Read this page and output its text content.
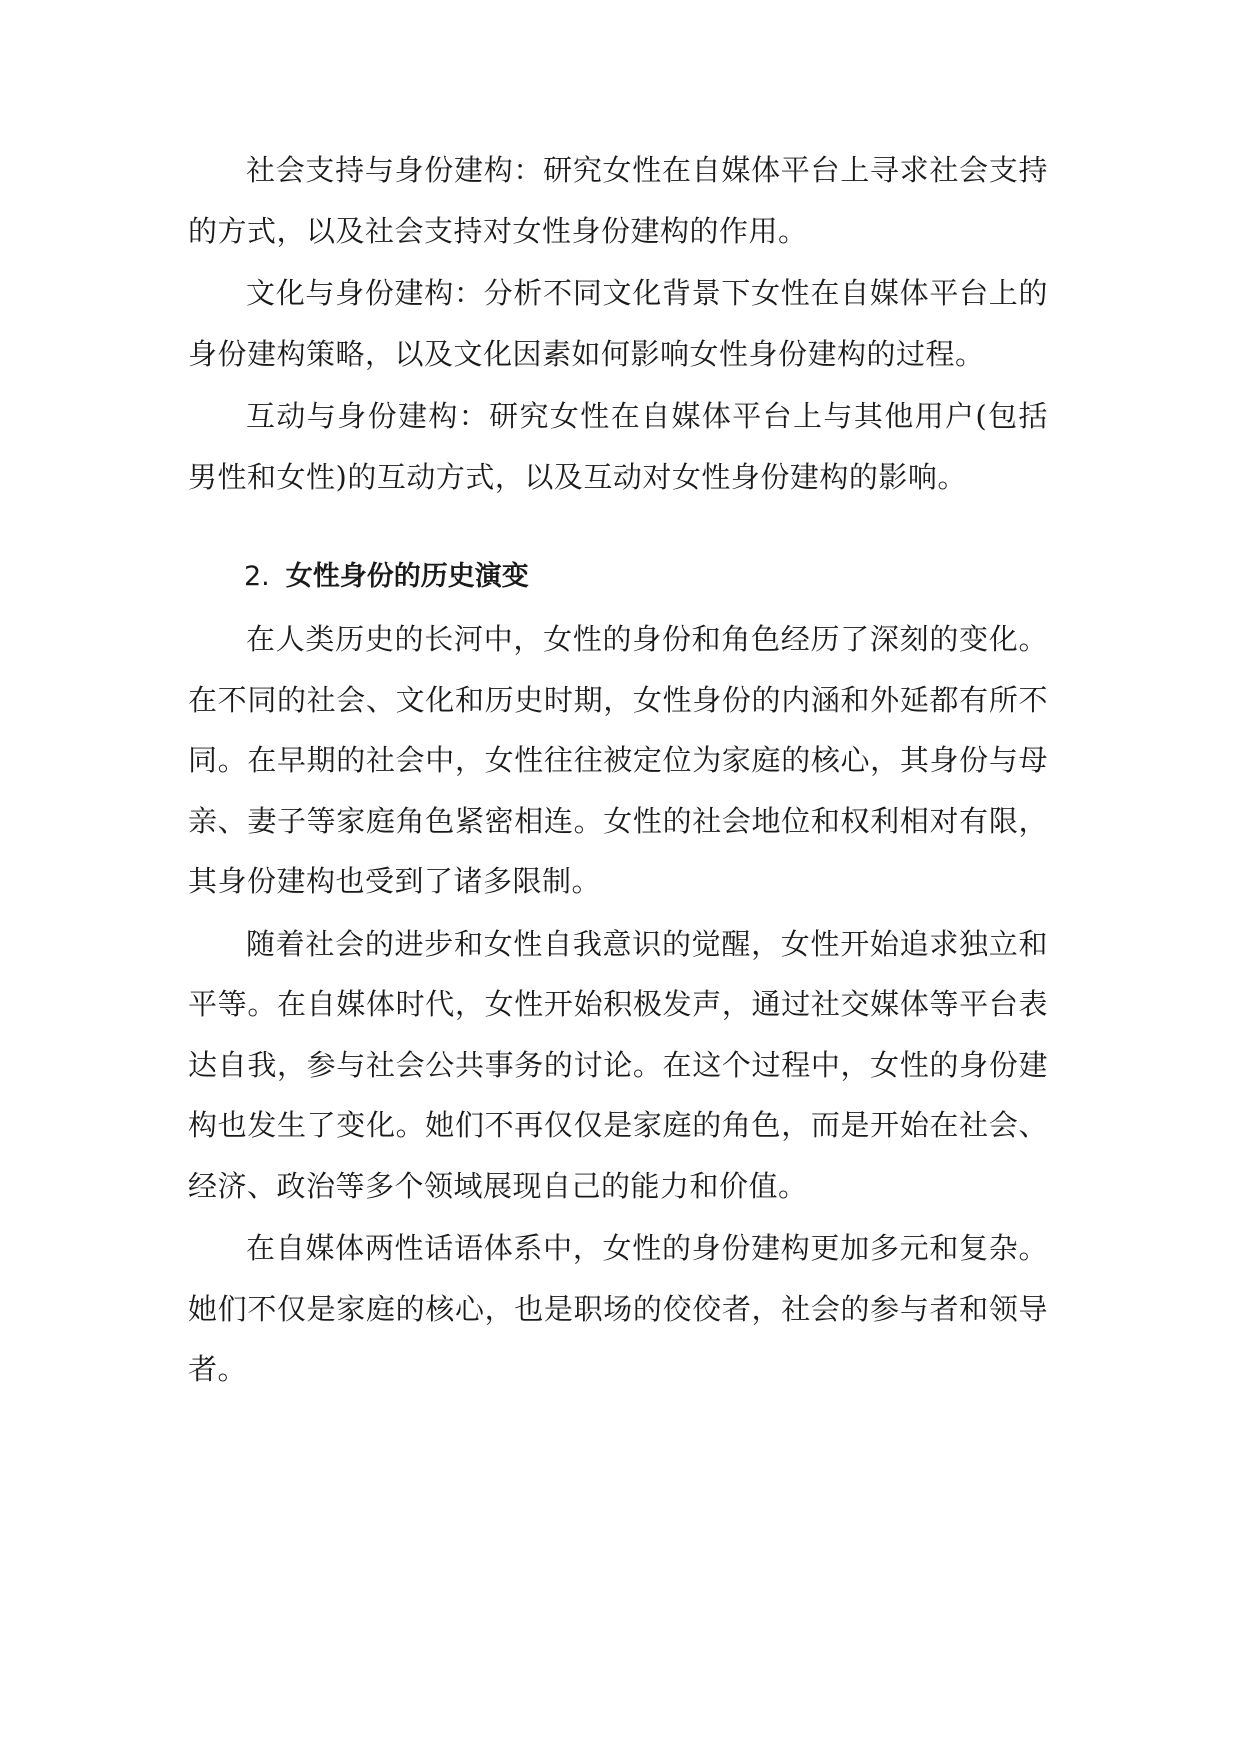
社会支持与身份建构：研究女性在自媒体平台上寻求社会支持的方式，以及社会支持对女性身份建构的作用。

文化与身份建构：分析不同文化背景下女性在自媒体平台上的身份建构策略，以及文化因素如何影响女性身份建构的过程。

互动与身份建构：研究女性在自媒体平台上与其他用户(包括男性和女性)的互动方式，以及互动对女性身份建构的影响。

2. 女性身份的历史演变

在人类历史的长河中，女性的身份和角色经历了深刻的变化。在不同的社会、文化和历史时期，女性身份的内涵和外延都有所不同。在早期的社会中，女性往往被定位为家庭的核心，其身份与母亲、妻子等家庭角色紧密相连。女性的社会地位和权利相对有限，其身份建构也受到了诸多限制。

随着社会的进步和女性自我意识的觉醒，女性开始追求独立和平等。在自媒体时代，女性开始积极发声，通过社交媒体等平台表达自我，参与社会公共事务的讨论。在这个过程中，女性的身份建构也发生了变化。她们不再仅仅是家庭的角色，而是开始在社会、经济、政治等多个领域展现自己的能力和价值。

在自媒体两性话语体系中，女性的身份建构更加多元和复杂。她们不仅是家庭的核心，也是职场的佼佼者，社会的参与者和领导者。
